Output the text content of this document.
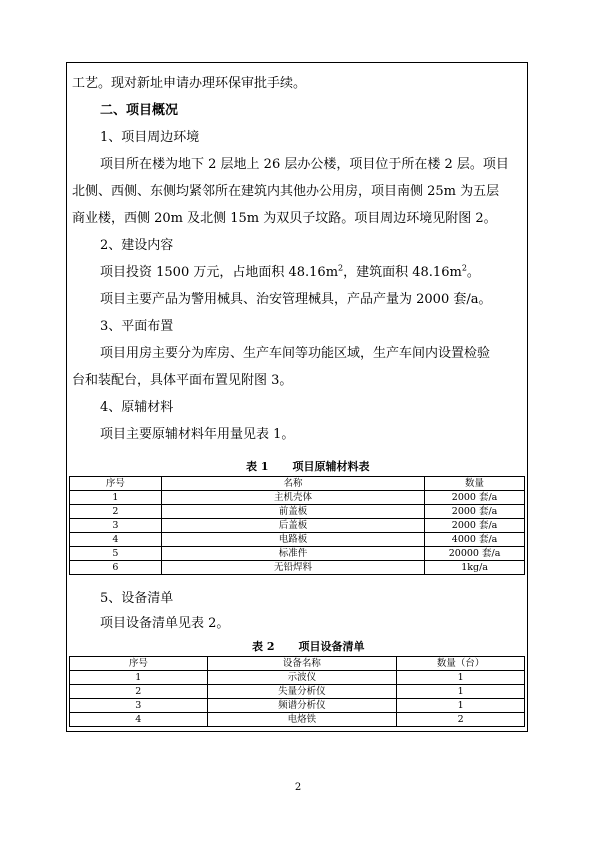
工艺。现对新址申请办理环保审批手续。
二、项目概况
1、项目周边环境
项目所在楼为地下 2 层地上 26 层办公楼，项目位于所在楼 2 层。项目
北侧、西侧、东侧均紧邻所在建筑内其他办公用房，项目南侧 25m 为五层
商业楼，西侧 20m 及北侧 15m 为双贝子坟路。项目周边环境见附图 2。
2、建设内容
项目投资 1500 万元，占地面积 $48.16m^2$，建筑面积 $48.16m^2$。
项目主要产品为警用械具、治安管理械具，产品产量为 2000 套/a。
3、平面布置
项目用房主要分为库房、生产车间等功能区域，生产车间内设置检验
台和装配台，具体平面布置见附图 3。
4、原辅材料
项目主要原辅材料年用量见表 1。
表 1 项目原辅材料表
序号	名称	数量
1	主机壳体	2000 套/a
2	前盖板	2000 套/a
3	后盖板	2000 套/a
4	电路板	4000 套/a
5	标准件	20000 套/a
6	无铅焊料	1kg/a
5、设备清单
项目设备清单见表 2。
表 2 项目设备清单
序号	设备名称	数量（台）
1	示波仪	1
2	失量分析仪	1
3	频谱分析仪	1
4	电烙铁	2
2
